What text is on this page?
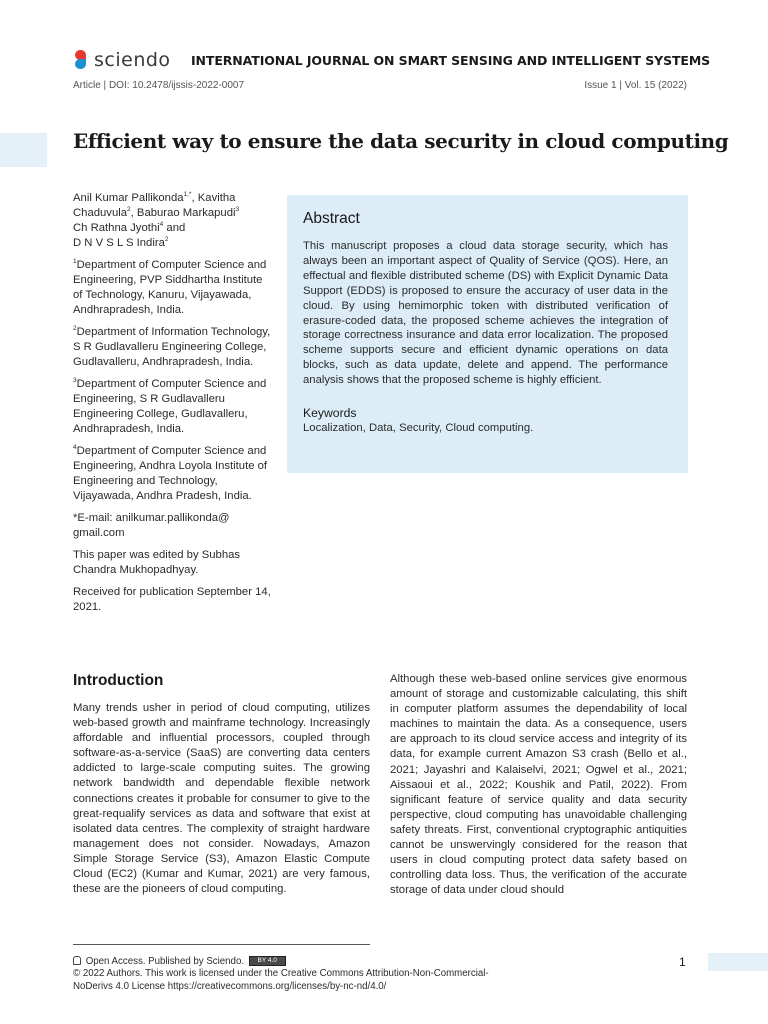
sciendo INTERNATIONAL JOURNAL ON SMART SENSING AND INTELLIGENT SYSTEMS
Article | DOI: 10.2478/ijssis-2022-0007	Issue 1 | Vol. 15 (2022)
Efficient way to ensure the data security in cloud computing

Anil Kumar Pallikonda$^{1,*}$, Kavitha
Chaduvula$^2$, Baburao Markapudi$^3$
Ch Rathna Jyothi$^4$ and
D N V S L S Indira$^2$

$^1$Department of Computer Science and Engineering, PVP Siddhartha Institute of Technology, Kanuru, Vijayawada, Andhrapradesh, India.

$^2$Department of Information Technology, S R Gudlavalleru Engineering College, Gudlavalleru, Andhrapradesh, India.

$^3$Department of Computer Science and Engineering, S R Gudlavalleru Engineering College, Gudlavalleru, Andhrapradesh, India.

$^4$Department of Computer Science and Engineering, Andhra Loyola Institute of Engineering and Technology, Vijayawada, Andhra Pradesh, India.

*E-mail: anilkumar.pallikonda@ gmail.com

This paper was edited by Subhas Chandra Mukhopadhyay.

Received for publication September 14, 2021.

Abstract
This manuscript proposes a cloud data storage security, which has always been an important aspect of Quality of Service (QOS). Here, an effectual and flexible distributed scheme (DS) with Explicit Dynamic Data Support (EDDS) is proposed to ensure the accuracy of user data in the cloud. By using hemimorphic token with distributed verification of erasure-coded data, the proposed scheme achieves the integration of storage correctness insurance and data error localization. The proposed scheme supports secure and efficient dynamic operations on data blocks, such as data update, delete and append. The performance analysis shows that the proposed scheme is highly efficient.
Keywords
Localization, Data, Security, Cloud computing.
Introduction
Many trends usher in period of cloud computing, utilizes web-based growth and mainframe technology. Increasingly affordable and influential processors, coupled through software-as-a-service (SaaS) are converting data centers addicted to large-scale computing suites. The growing network bandwidth and dependable flexible network connections creates it probable for consumer to give to the great-requalify services as data and software that exist at isolated data centres. The complexity of straight hardware management does not consider. Nowadays, Amazon Simple Storage Service (S3), Amazon Elastic Compute Cloud (EC2) (Kumar and Kumar, 2021) are very famous, these are the pioneers of cloud computing.
Although these web-based online services give enormous amount of storage and customizable calculating, this shift in computer platform assumes the dependability of local machines to maintain the data. As a consequence, users are approach to its cloud service access and integrity of its data, for example current Amazon S3 crash (Bello et al., 2021; Jayashri and Kalaiselvi, 2021; Ogwel et al., 2021; Aissaoui et al., 2022; Koushik and Patil, 2022). From significant feature of service quality and data security perspective, cloud computing has unavoidable challenging safety threats. First, conventional cryptographic antiquities cannot be unswervingly considered for the reason that users in cloud computing protect data safety based on controlling data loss. Thus, the verification of the accurate storage of data under cloud should
Open Access. Published by Sciendo. BY 4.0
© 2022 Authors. This work is licensed under the Creative Commons Attribution-Non-Commercial-NoDerivs 4.0 License https://creativecommons.org/licenses/by-nc-nd/4.0/
1
